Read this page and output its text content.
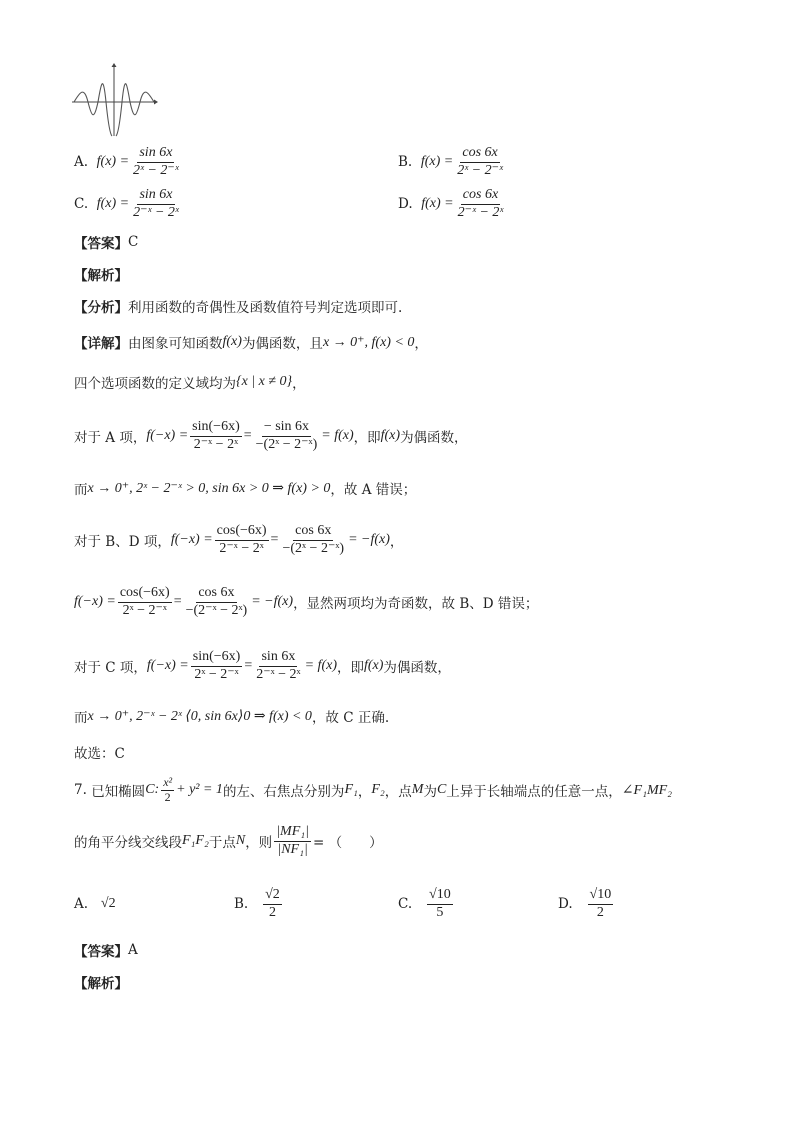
A.
$f(x) = \frac{\sin 6x}{\text{2ˣ − 2⁻ˣ}}$	B.
$f(x) = \frac{\cos 6x}{\text{2ˣ − 2⁻ˣ}}$
C.
$f(x) = \frac{\sin 6x}{\text{2⁻ˣ − 2ˣ}}$	D.
$f(x) = \frac{\cos 6x}{\text{2⁻ˣ − 2ˣ}}$
【答案】 C
【解析】
【分析】 利用函数的奇偶性及函数值符号判定选项即可.
【详解】 由图象可知函数 f(x) 为偶函数，且 x → 0⁺, f(x) < 0 ，
四个选项函数的定义域均为 {x | x ≠ 0} ，
对于 A 项， $f(-x) = \frac{\sin(-6x)}{\text{2⁻ˣ − 2ˣ}} = \frac{- \sin 6x}{\text{−(2ˣ − 2⁻ˣ)}} = f(x)$ ，即 f(x) 为偶函数，
而 x → 0⁺, 2ˣ − 2⁻ˣ > 0, sin 6x > 0 ⇒ f(x) > 0 ，故 A 错误；
对于 B、D 项， $f(-x) = \frac{\cos(-6x)}{\text{2⁻ˣ − 2ˣ}} = \frac{\cos 6x}{\text{−(2ˣ − 2⁻ˣ)}} = -f(x)$ ，
$f(-x) = \frac{\cos(-6x)}{\text{2ˣ − 2⁻ˣ}} = \frac{\cos 6x}{\text{−(2⁻ˣ − 2ˣ)}} = -f(x)$ ，显然两项均为奇函数，故 B、D 错误；
对于 C 项， $f(-x) = \frac{\sin(-6x)}{\text{2ˣ − 2⁻ˣ}} = \frac{\sin 6x}{\text{2⁻ˣ − 2ˣ}} = f(x)$ ，即 f(x) 为偶函数，
而 x → 0⁺, 2⁻ˣ − 2ˣ ⟨0, sin 6x⟩0 ⇒ f(x) < 0 ，故 C 正确.
故选：C
7.
已知椭圆 C: $\frac{\text{x²}}{2} + y^2 = 1$ 的左、右焦点分别为 F₁ ， F₂ ，点 M 为 C 上异于长轴端点的任意一点， ∠F₁MF₂
的角平分线交线段 F₁F₂ 于点 N ，则 $\frac{\text{|MF₁|}}{\text{|NF₁|}}$ = （　　）
A.
√2	B.
$\frac{√2}{2}$	C.
$\frac{√10}{5}$	D.
$\frac{√10}{2}$
【答案】 A
【解析】
